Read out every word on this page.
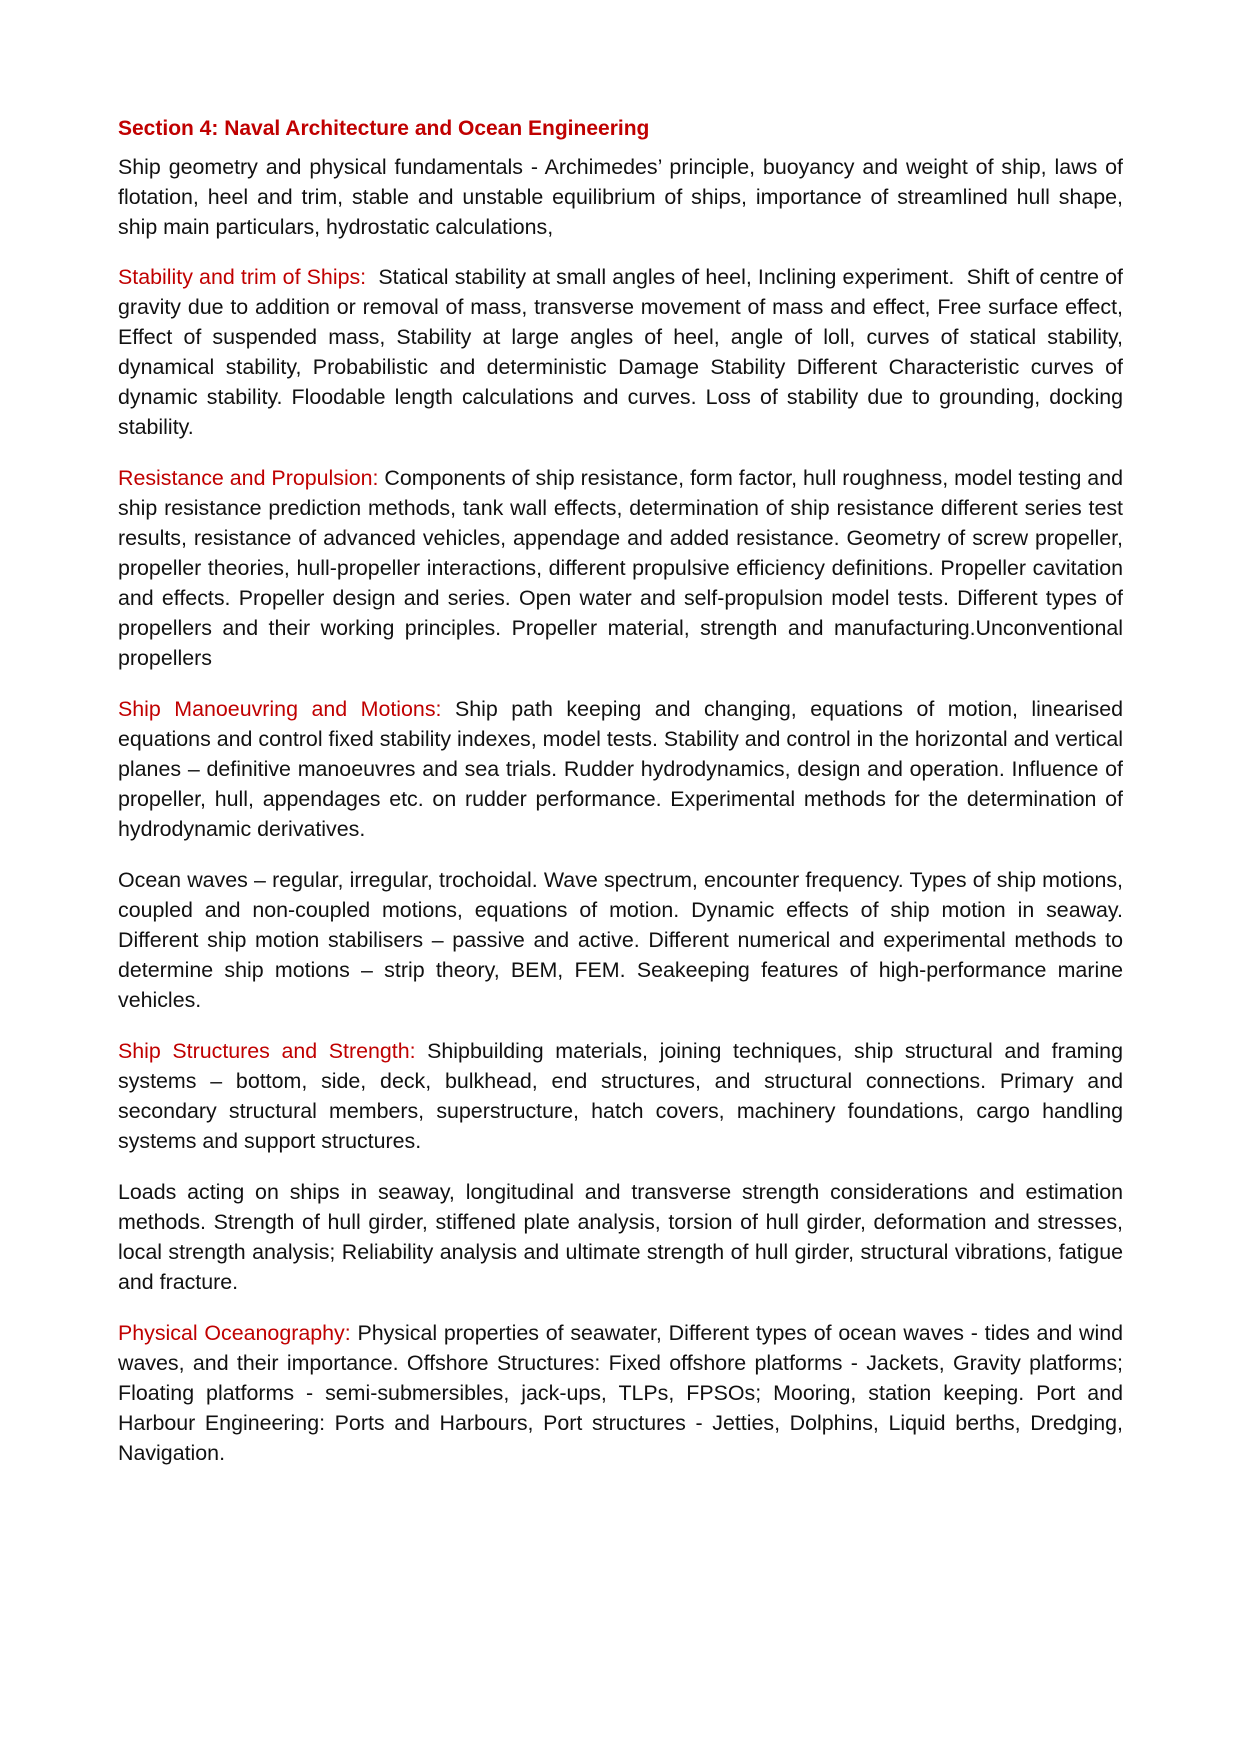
Section 4: Naval Architecture and Ocean Engineering

Ship geometry and physical fundamentals - Archimedes’ principle, buoyancy and weight of ship, laws of flotation, heel and trim, stable and unstable equilibrium of ships, importance of streamlined hull shape, ship main particulars, hydrostatic calculations,

Stability and trim of Ships:  Statical stability at small angles of heel, Inclining experiment.  Shift of centre of gravity due to addition or removal of mass, transverse movement of mass and effect, Free surface effect, Effect of suspended mass, Stability at large angles of heel, angle of loll, curves of statical stability, dynamical stability, Probabilistic and deterministic Damage Stability Different Characteristic curves of dynamic stability. Floodable length calculations and curves. Loss of stability due to grounding, docking stability.

Resistance and Propulsion: Components of ship resistance, form factor, hull roughness, model testing and ship resistance prediction methods, tank wall effects, determination of ship resistance different series test results, resistance of advanced vehicles, appendage and added resistance. Geometry of screw propeller, propeller theories, hull-propeller interactions, different propulsive efficiency definitions. Propeller cavitation and effects. Propeller design and series. Open water and self-propulsion model tests. Different types of propellers and their working principles. Propeller material, strength and manufacturing.Unconventional propellers

Ship Manoeuvring and Motions: Ship path keeping and changing, equations of motion, linearised equations and control fixed stability indexes, model tests. Stability and control in the horizontal and vertical planes – definitive manoeuvres and sea trials. Rudder hydrodynamics, design and operation. Influence of propeller, hull, appendages etc. on rudder performance. Experimental methods for the determination of hydrodynamic derivatives.

Ocean waves – regular, irregular, trochoidal. Wave spectrum, encounter frequency. Types of ship motions, coupled and non-coupled motions, equations of motion. Dynamic effects of ship motion in seaway. Different ship motion stabilisers – passive and active. Different numerical and experimental methods to determine ship motions – strip theory, BEM, FEM. Seakeeping features of high-performance marine vehicles.

Ship Structures and Strength: Shipbuilding materials, joining techniques, ship structural and framing systems – bottom, side, deck, bulkhead, end structures, and structural connections. Primary and secondary structural members, superstructure, hatch covers, machinery foundations, cargo handling systems and support structures.

Loads acting on ships in seaway, longitudinal and transverse strength considerations and estimation methods. Strength of hull girder, stiffened plate analysis, torsion of hull girder, deformation and stresses, local strength analysis; Reliability analysis and ultimate strength of hull girder, structural vibrations, fatigue and fracture.

Physical Oceanography: Physical properties of seawater, Different types of ocean waves - tides and wind waves, and their importance. Offshore Structures: Fixed offshore platforms - Jackets, Gravity platforms; Floating platforms - semi-submersibles, jack-ups, TLPs, FPSOs; Mooring, station keeping. Port and Harbour Engineering: Ports and Harbours, Port structures - Jetties, Dolphins, Liquid berths, Dredging, Navigation.
